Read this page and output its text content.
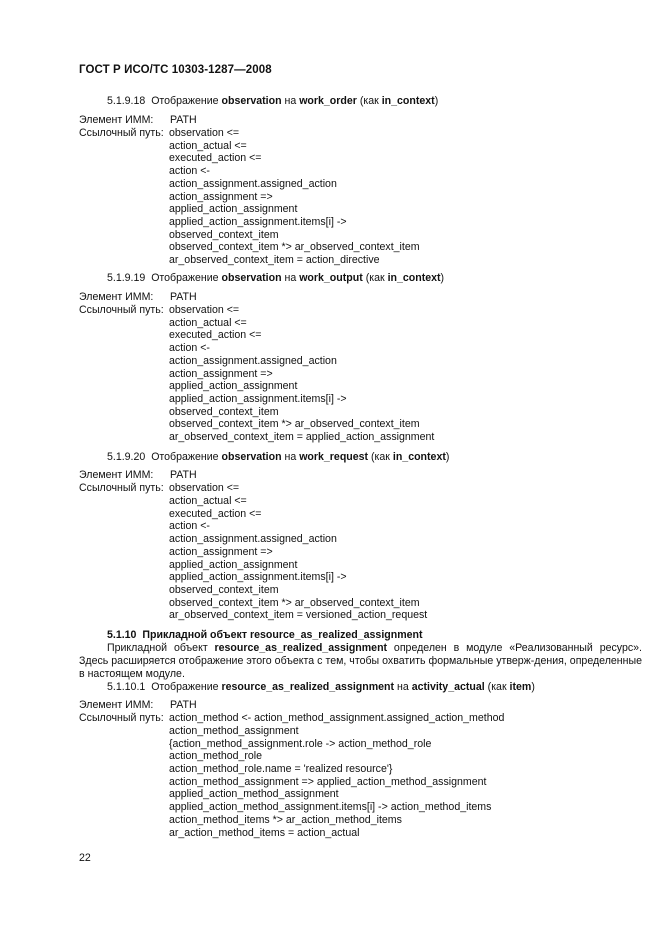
ГОСТ Р ИСО/ТС 10303-1287—2008
5.1.9.18 Отображение observation на work_order (как in_context)
Элемент ИММ: PATH
Ссылочный путь: observation <=
action_actual <=
executed_action <=
action <-
action_assignment.assigned_action
action_assignment =>
applied_action_assignment
applied_action_assignment.items[i] ->
observed_context_item
observed_context_item *> ar_observed_context_item
ar_observed_context_item = action_directive
5.1.9.19 Отображение observation на work_output (как in_context)
Элемент ИММ: PATH
Ссылочный путь: observation <=
action_actual <=
executed_action <=
action <-
action_assignment.assigned_action
action_assignment =>
applied_action_assignment
applied_action_assignment.items[i] ->
observed_context_item
observed_context_item *> ar_observed_context_item
ar_observed_context_item = applied_action_assignment
5.1.9.20 Отображение observation на work_request (как in_context)
Элемент ИММ: PATH
Ссылочный путь: observation <=
action_actual <=
executed_action <=
action <-
action_assignment.assigned_action
action_assignment =>
applied_action_assignment
applied_action_assignment.items[i] ->
observed_context_item
observed_context_item *> ar_observed_context_item
ar_observed_context_item = versioned_action_request
5.1.10 Прикладной объект resource_as_realized_assignment
Прикладной объект resource_as_realized_assignment определен в модуле «Реализованный ресурс». Здесь расширяется отображение этого объекта с тем, чтобы охватить формальные утверж-дения, определенные в настоящем модуле.
5.1.10.1 Отображение resource_as_realized_assignment на activity_actual (как item)
Элемент ИММ: PATH
Ссылочный путь: action_method <- action_method_assignment.assigned_action_method
action_method_assignment
{action_method_assignment.role -> action_method_role
action_method_role
action_method_role.name = 'realized resource'}
action_method_assignment => applied_action_method_assignment
applied_action_method_assignment
applied_action_method_assignment.items[i] -> action_method_items
action_method_items *> ar_action_method_items
ar_action_method_items = action_actual
22
